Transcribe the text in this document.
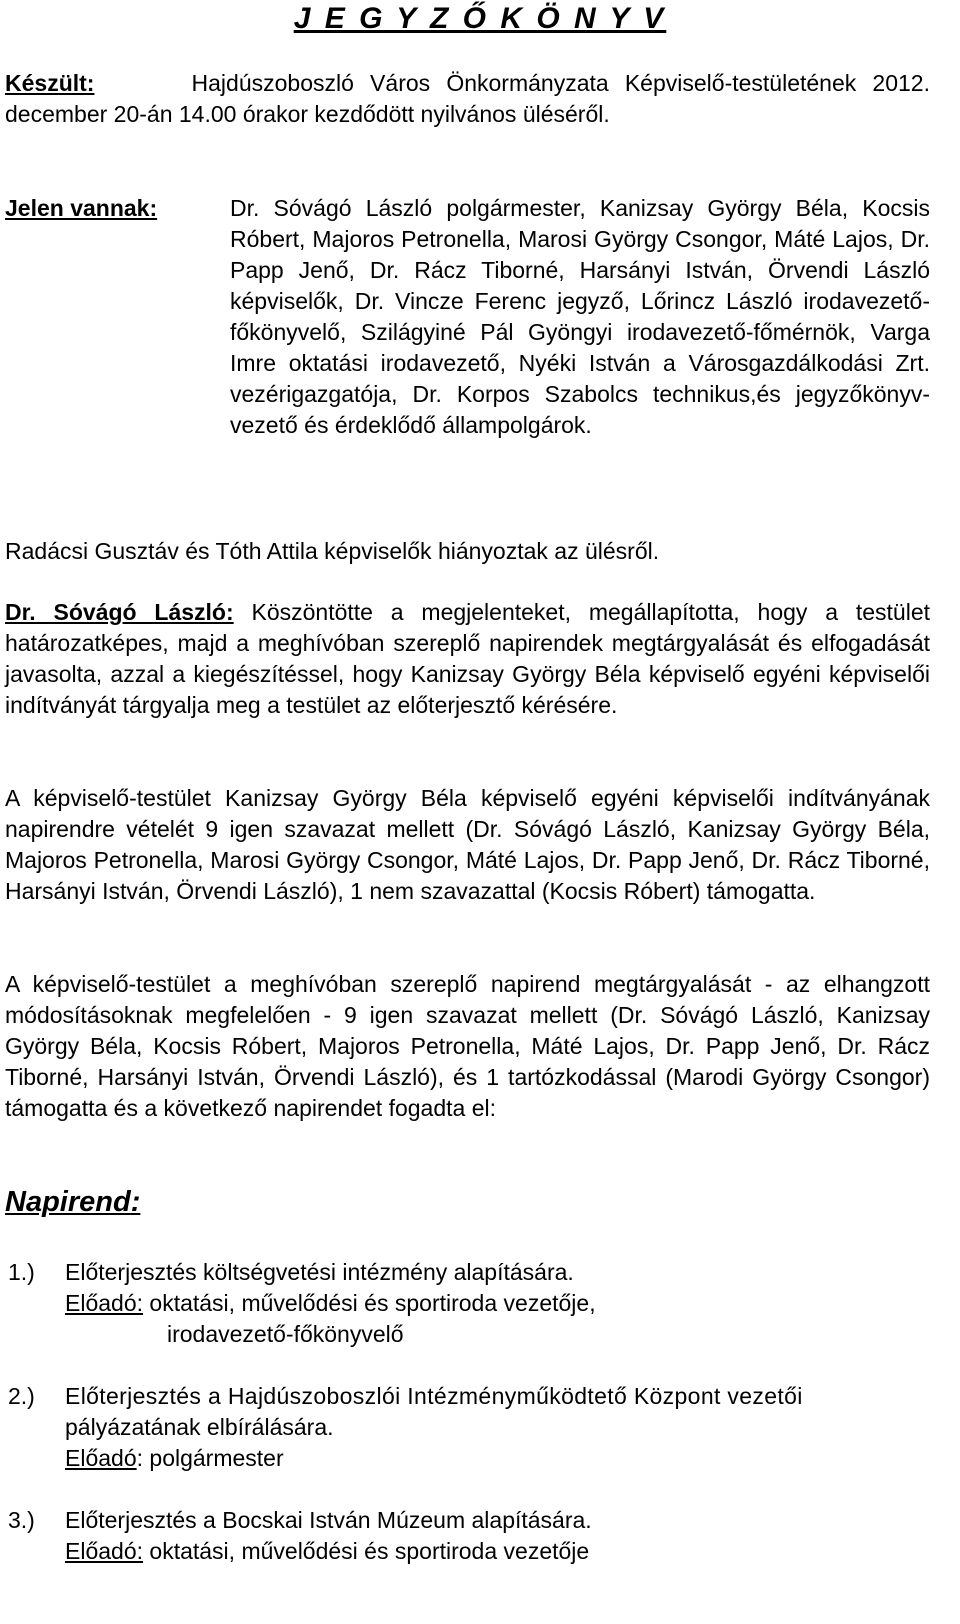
J E G Y Z Ő K Ö N Y V
Készült:	Hajdúszoboszló Város Önkormányzata Képviselő-testületének 2012. december 20-án 14.00 órakor kezdődött nyilvános üléséről.
Jelen vannak:	Dr. Sóvágó László polgármester, Kanizsay György Béla, Kocsis Róbert, Majoros Petronella, Marosi György Csongor, Máté Lajos, Dr. Papp Jenő, Dr. Rácz Tiborné, Harsányi István, Örvendi László képviselők, Dr. Vincze Ferenc jegyző, Lőrincz László irodavezető-főkönyvelő, Szilágyiné Pál Gyöngyi irodavezető-főmérnök, Varga Imre oktatási irodavezető, Nyéki István a Városgazdálkodási Zrt. vezérigazgatója, Dr. Korpos Szabolcs technikus,és jegyzőkönyv-vezető és érdeklődő állampolgárok.
Radácsi Gusztáv és Tóth Attila képviselők hiányoztak az ülésről.
Dr. Sóvágó László: Köszöntötte a megjelenteket, megállapította, hogy a testület határozatképes, majd a meghívóban szereplő napirendek megtárgyalását és elfogadását javasolta, azzal a kiegészítéssel, hogy Kanizsay György Béla képviselő egyéni képviselői indítványát tárgyalja meg a testület az előterjesztő kérésére.
A képviselő-testület Kanizsay György Béla képviselő egyéni képviselői indítványának napirendre vételét 9 igen szavazat mellett (Dr. Sóvágó László, Kanizsay György Béla, Majoros Petronella, Marosi György Csongor, Máté Lajos, Dr. Papp Jenő, Dr. Rácz Tiborné, Harsányi István, Örvendi László), 1 nem szavazattal (Kocsis Róbert) támogatta.
A képviselő-testület a meghívóban szereplő napirend megtárgyalását - az elhangzott módosításoknak megfelelően - 9 igen szavazat mellett (Dr. Sóvágó László, Kanizsay György Béla, Kocsis Róbert, Majoros Petronella, Máté Lajos, Dr. Papp Jenő, Dr. Rácz Tiborné, Harsányi István, Örvendi László), és 1 tartózkodással (Marodi György Csongor) támogatta és a következő napirendet fogadta el:
Napirend:
1.) Előterjesztés költségvetési intézmény alapítására.
Előadó: oktatási, művelődési és sportiroda vezetője,
irodavezető-főkönyvelő
2.) Előterjesztés a Hajdúszoboszlói Intézményműködtető Központ vezetői
pályázatának elbírálására.
Előadó: polgármester
3.) Előterjesztés a Bocskai István Múzeum alapítására.
Előadó: oktatási, művelődési és sportiroda vezetője
